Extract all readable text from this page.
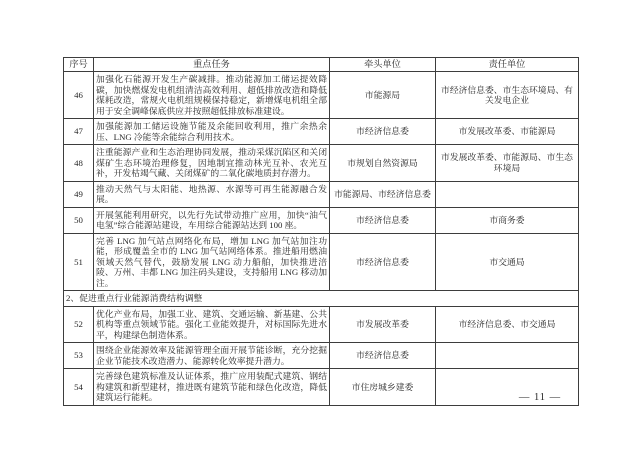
序号	重点任务	牵头单位	责任单位
46	加强化石能源开发生产碳减排。推动能源加工储运提效降碳，加快燃煤发电机组清洁高效利用、超低排放改造和降低煤耗改造，常规火电机组规模保持稳定，新增煤电机组全部用于安全调峰保底供应并按照超低排放标准建设。	市能源局	市经济信息委、市生态环境局、有关发电企业
47	加强能源加工储运设施节能及余能回收利用，推广余热余压、LNG 冷能等余能综合利用技术。	市经济信息委	市发展改革委、市能源局
48	注重能源产业和生态治理协同发展，推动采煤沉陷区和关闭煤矿生态环境治理修复，因地制宜推动林光互补、农光互补，开发枯竭气藏、关闭煤矿的二氧化碳地质封存潜力。	市规划自然资源局	市发展改革委、市能源局、市生态环境局
49	推动天然气与太阳能、地热源、水源等可再生能源融合发展。	市能源局、市经济信息委	
50	开展氢能利用研究，以先行先试带动推广应用，加快“油气电氢”综合能源站建设，车用综合能源站达到 100 座。	市经济信息委	市商务委
51	完善 LNG 加气站点网络化布局，增加 LNG 加气站加注功能，形成覆盖全市的 LNG 加气站网络体系。推进船用燃油领域天然气替代，鼓励发展 LNG 动力船舶，加快推进涪陵、万州、丰都 LNG 加注码头建设，支持船用 LNG 移动加注。	市经济信息委	市交通局
2、促进重点行业能源消费结构调整			
52	优化产业布局，加强工业、建筑、交通运输、新基建、公共机构等重点领域节能。强化工业能效提升，对标国际先进水平，构建绿色制造体系。	市发展改革委	市经济信息委、市交通局
53	围绕企业能源效率及能源管理全面开展节能诊断，充分挖掘企业节能技术改造潜力、能源转化效率提升潜力。	市经济信息委	
54	完善绿色建筑标准及认证体系，推广应用装配式建筑、钢结构建筑和新型建材，推进既有建筑节能和绿色化改造，降低建筑运行能耗。	市住房城乡建委	
— 11 —
